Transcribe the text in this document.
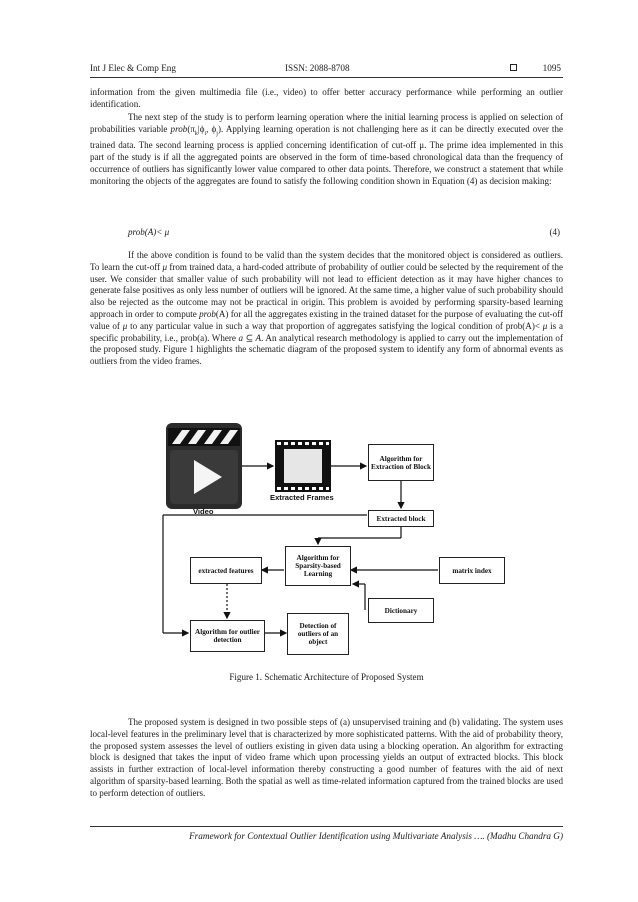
Int J Elec & Comp Eng	ISSN: 2088-8708	1095

information from the given multimedia file (i.e., video) to offer better accuracy performance while performing an outlier identification.

The next step of the study is to perform learning operation where the initial learning process is applied on selection of probabilities variable $prob(\pi_k|\phi_i$, $\phi_j$). Applying learning operation is not challenging here as it can be directly executed over the trained data. The second learning process is applied concerning identification of cut-off μ. The prime idea implemented in this part of the study is if all the aggregated points are observed in the form of time-based chronological data than the frequency of occurrence of outliers has significantly lower value compared to other data points. Therefore, we construct a statement that while monitoring the objects of the aggregates are found to satisfy the following condition shown in Equation (4) as decision making:

prob(A)< μ	(4)

If the above condition is found to be valid than the system decides that the monitored object is considered as outliers. To learn the cut-off μ from trained data, a hard-coded attribute of probability of outlier could be selected by the requirement of the user. We consider that smaller value of such probability will not lead to efficient detection as it may have higher chances to generate false positives as only less number of outliers will be ignored. At the same time, a higher value of such probability should also be rejected as the outcome may not be practical in origin. This problem is avoided by performing sparsity-based learning approach in order to compute prob(A) for all the aggregates existing in the trained dataset for the purpose of evaluating the cut-off value of μ to any particular value in such a way that proportion of aggregates satisfying the logical condition of prob(A)< μ is a specific probability, i.e., prob(a). Where a ⊆ A. An analytical research methodology is applied to carry out the implementation of the proposed study. Figure 1 highlights the schematic diagram of the proposed system to identify any form of abnormal events as outliers from the video frames.

Video
Extracted Frames
Algorithm for Extraction of Block
Extracted block
extracted features
Algorithm for Sparsity-based Learning	matrix index
Dictionary
Algorithm for outlier detection
Detection of outliers of an object
Figure 1. Schematic Architecture of Proposed System

The proposed system is designed in two possible steps of (a) unsupervised training and (b) validating. The system uses local-level features in the preliminary level that is characterized by more sophisticated patterns. With the aid of probability theory, the proposed system assesses the level of outliers existing in given data using a blocking operation. An algorithm for extracting block is designed that takes the input of video frame which upon processing yields an output of extracted blocks. This block assists in further extraction of local-level information thereby constructing a good number of features with the aid of next algorithm of sparsity-based learning. Both the spatial as well as time-related information captured from the trained blocks are used to perform detection of outliers.

Framework for Contextual Outlier Identification using Multivariate Analysis …. (Madhu Chandra G)
